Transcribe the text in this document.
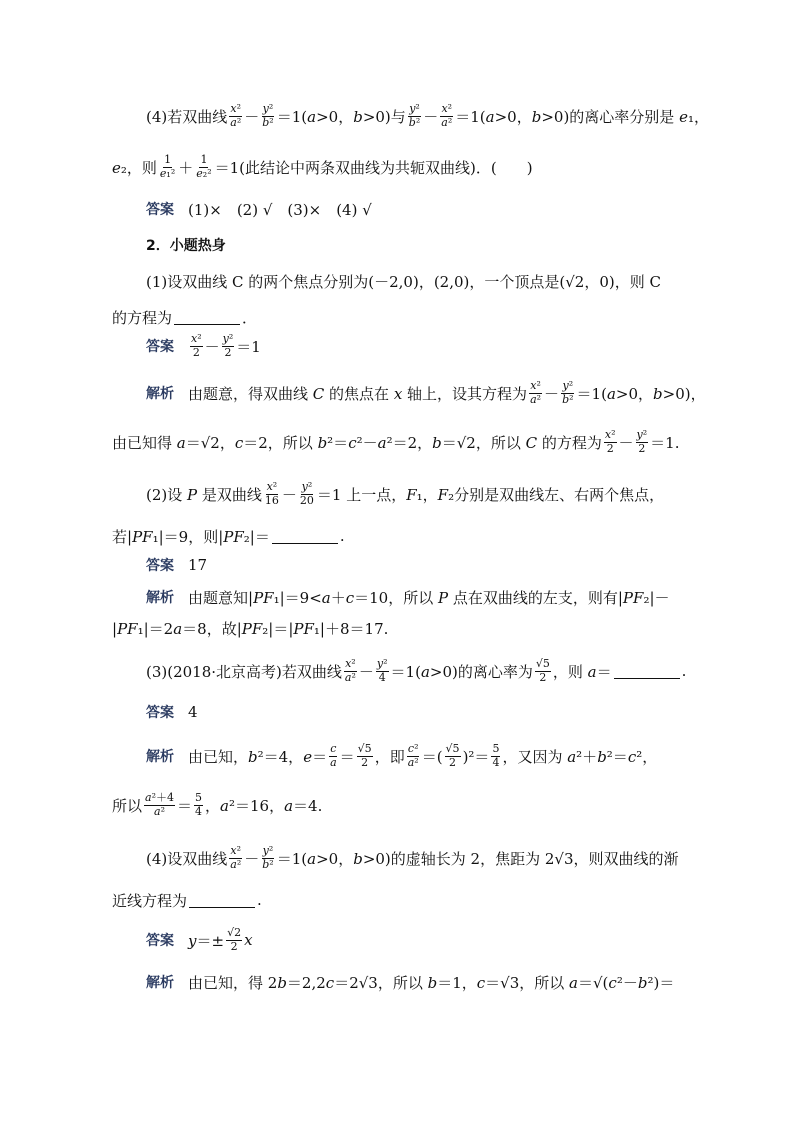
(4)若双曲线 $\frac{\text{x²}}{\text{a²}} - \frac{\text{y²}}{\text{b²}} =1(a>0$，b>0)与 $\frac{\text{y²}}{\text{b²}} - \frac{\text{x²}}{\text{a²}} =1(a>0$，b>0)的离心率分别是 e₁，
e₂，则 $\frac{1}{\text{e₁²}} + \frac{1}{\text{e₂²}} =1$(此结论中两条双曲线为共轭双曲线)．(　　)
答案 (1)×　(2) √　(3)×　(4) √
2．小题热身
(1)设双曲线 C 的两个焦点分别为(－2,0)，(2,0)，一个顶点是(√2，0)，则 C
的方程为	．
答案 $\frac{\text{x²}}{2} - \frac{\text{y²}}{2} =1$
解析 由题意，得双曲线 C 的焦点在 x 轴上，设其方程为 $\frac{\text{x²}}{\text{a²}} - \frac{\text{y²}}{\text{b²}} =1(a>0$，b>0)，
由已知得 a＝√2，c＝2，所以 b²＝c²－a²＝2，b＝√2，所以 C 的方程为 $\frac{\text{x²}}{2} - \frac{\text{y²}}{2} =1$.
(2)设 P 是双曲线 $\frac{\text{x²}}{16} - \frac{\text{y²}}{20} =1$ 上一点，F₁，F₂分别是双曲线左、右两个焦点，
若|PF₁|＝9，则|PF₂|＝	.
答案 17
解析 由题意知|PF₁|＝9<a＋c＝10，所以 P 点在双曲线的左支，则有|PF₂|－
|PF₁|＝2a＝8，故|PF₂|＝|PF₁|＋8＝17.
(3)(2018·北京高考)若双曲线 $\frac{\text{x²}}{\text{a²}} - \frac{\text{y²}}{4} =1(a>0)$的离心率为 $\frac{√5}{2}$ ，则 a＝	.
答案 4
解析 由已知，b²＝4，$e= \frac{c}{a} = \frac{√5}{2}$ ，即 $\frac{\text{c²}}{\text{a²}}$ ＝( $\frac{√5}{2} )^2= \frac{5}{4}$ ，又因为 a²＋b²＝c²，
所以 $\frac{\text{a²＋4}}{\text{a²}} = \frac{5}{4}$ ，a²＝16，a＝4.
(4)设双曲线 $\frac{\text{x²}}{\text{a²}} - \frac{\text{y²}}{\text{b²}} =1(a>0$，b>0)的虚轴长为 2，焦距为 2√3，则双曲线的渐
近线方程为	.
答案 $y=\pm \frac{√2}{2}$ x
解析 由已知，得 2b＝2,2c＝2√3，所以 b＝1，c＝√3，所以 a＝√(c²－b²)＝
